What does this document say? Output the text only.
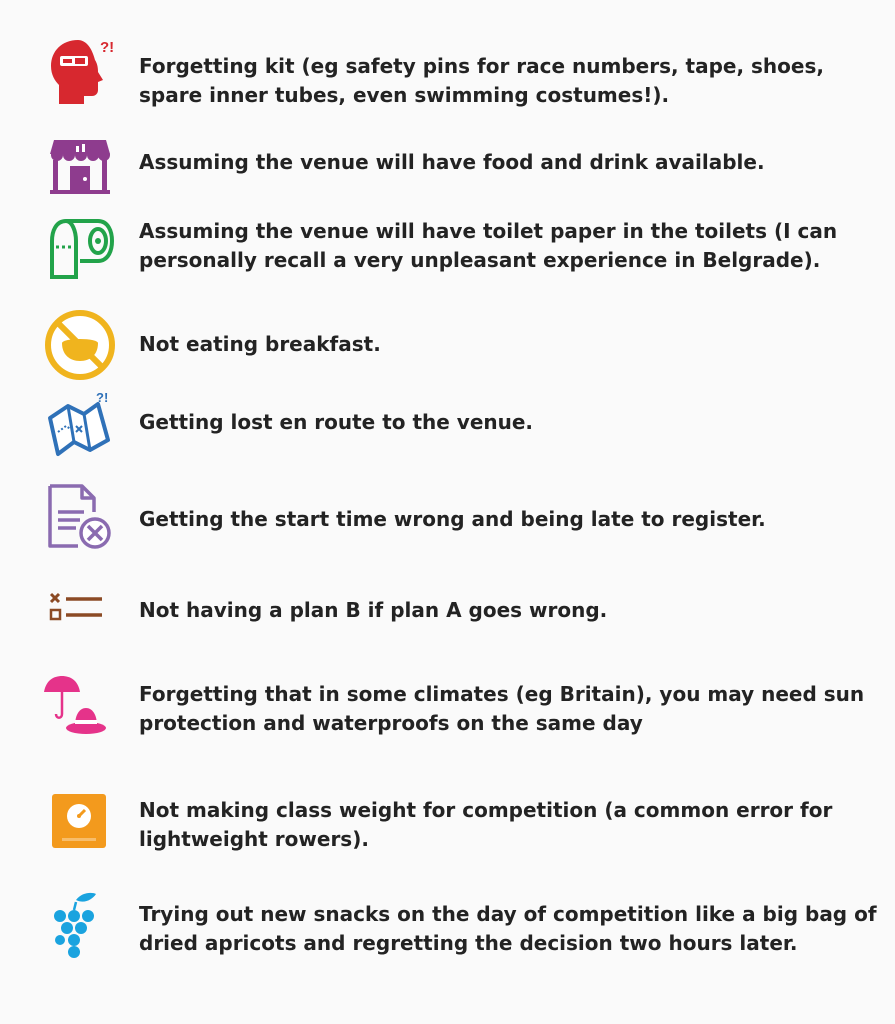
?!
Forgetting kit (eg safety pins for race numbers, tape, shoes, spare inner tubes, even swimming costumes!).
Assuming the venue will have food and drink available.
Assuming the venue will have toilet paper in the toilets (I can personally recall a very unpleasant experience in Belgrade).
Not eating breakfast.
?!
Getting lost en route to the venue.
Getting the start time wrong and being late to register.
Not having a plan B if plan A goes wrong.
Forgetting that in some climates (eg Britain), you may need sun protection and waterproofs on the same day
Not making class weight for competition (a common error for lightweight rowers).
Trying out new snacks on the day of competition like a big bag of dried apricots and regretting the decision two hours later.
